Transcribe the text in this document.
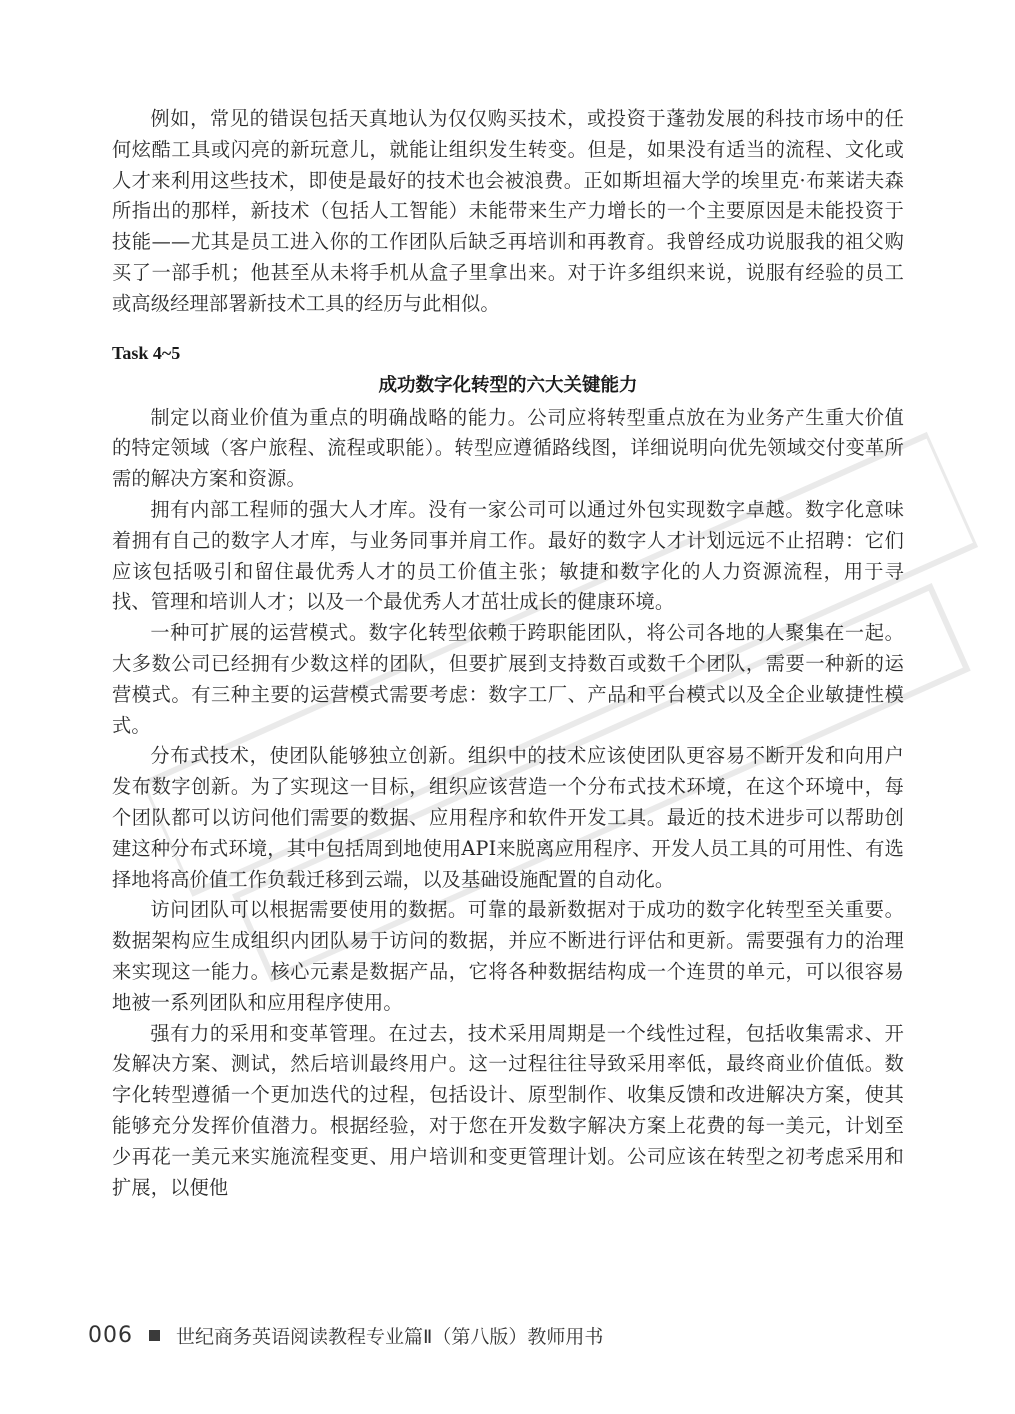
例如，常见的错误包括天真地认为仅仅购买技术，或投资于蓬勃发展的科技市场中的任何炫酷工具或闪亮的新玩意儿，就能让组织发生转变。但是，如果没有适当的流程、文化或人才来利用这些技术，即使是最好的技术也会被浪费。正如斯坦福大学的埃里克·布莱诺夫森所指出的那样，新技术（包括人工智能）未能带来生产力增长的一个主要原因是未能投资于技能——尤其是员工进入你的工作团队后缺乏再培训和再教育。我曾经成功说服我的祖父购买了一部手机；他甚至从未将手机从盒子里拿出来。对于许多组织来说，说服有经验的员工或高级经理部署新技术工具的经历与此相似。

Task 4~5
成功数字化转型的六大关键能力

制定以商业价值为重点的明确战略的能力。公司应将转型重点放在为业务产生重大价值的特定领域（客户旅程、流程或职能）。转型应遵循路线图，详细说明向优先领域交付变革所需的解决方案和资源。

拥有内部工程师的强大人才库。没有一家公司可以通过外包实现数字卓越。数字化意味着拥有自己的数字人才库，与业务同事并肩工作。最好的数字人才计划远远不止招聘：它们应该包括吸引和留住最优秀人才的员工价值主张；敏捷和数字化的人力资源流程，用于寻找、管理和培训人才；以及一个最优秀人才茁壮成长的健康环境。

一种可扩展的运营模式。数字化转型依赖于跨职能团队，将公司各地的人聚集在一起。大多数公司已经拥有少数这样的团队，但要扩展到支持数百或数千个团队，需要一种新的运营模式。有三种主要的运营模式需要考虑：数字工厂、产品和平台模式以及全企业敏捷性模式。

分布式技术，使团队能够独立创新。组织中的技术应该使团队更容易不断开发和向用户发布数字创新。为了实现这一目标，组织应该营造一个分布式技术环境，在这个环境中，每个团队都可以访问他们需要的数据、应用程序和软件开发工具。最近的技术进步可以帮助创建这种分布式环境，其中包括周到地使用API来脱离应用程序、开发人员工具的可用性、有选择地将高价值工作负载迁移到云端，以及基础设施配置的自动化。

访问团队可以根据需要使用的数据。可靠的最新数据对于成功的数字化转型至关重要。数据架构应生成组织内团队易于访问的数据，并应不断进行评估和更新。需要强有力的治理来实现这一能力。核心元素是数据产品，它将各种数据结构成一个连贯的单元，可以很容易地被一系列团队和应用程序使用。

强有力的采用和变革管理。在过去，技术采用周期是一个线性过程，包括收集需求、开发解决方案、测试，然后培训最终用户。这一过程往往导致采用率低，最终商业价值低。数字化转型遵循一个更加迭代的过程，包括设计、原型制作、收集反馈和改进解决方案，使其能够充分发挥价值潜力。根据经验，对于您在开发数字解决方案上花费的每一美元，计划至少再花一美元来实施流程变更、用户培训和变更管理计划。公司应该在转型之初考虑采用和扩展，以便他

006 世纪商务英语阅读教程专业篇Ⅱ（第八版）教师用书
